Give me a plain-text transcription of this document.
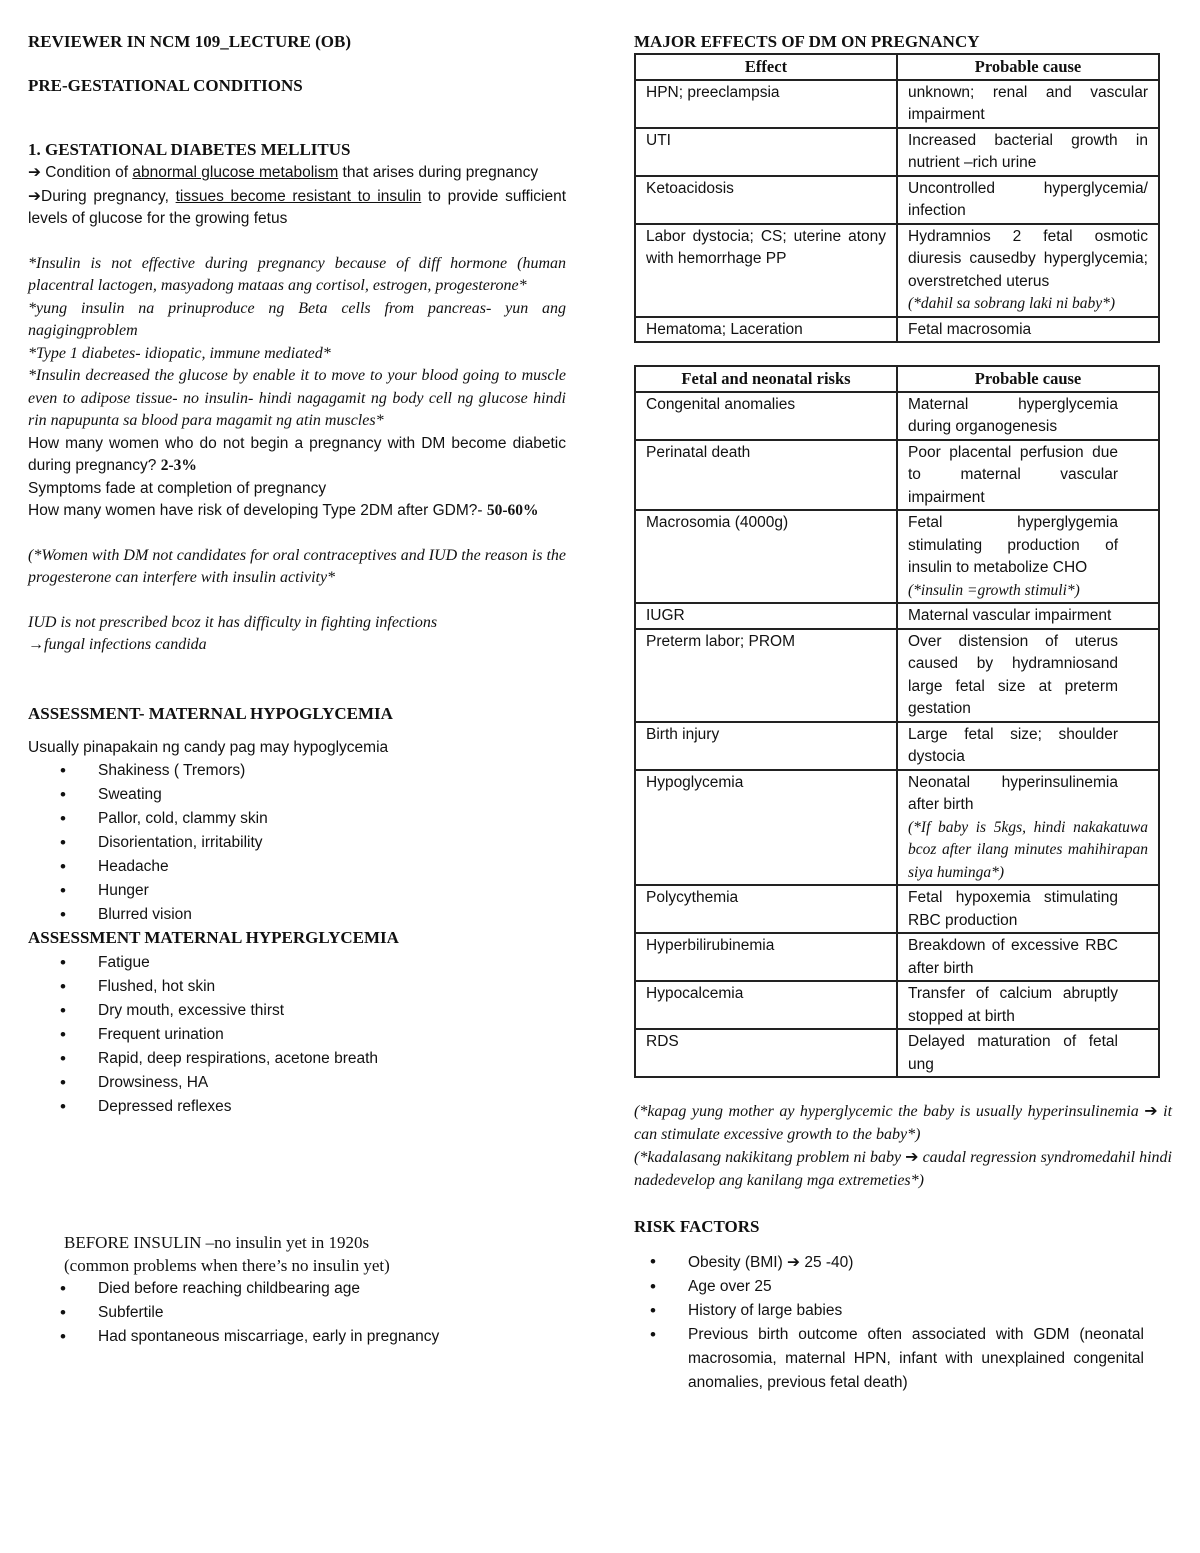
REVIEWER IN NCM 109_LECTURE (OB)

PRE-GESTATIONAL CONDITIONS

1. GESTATIONAL DIABETES MELLITUS

➔ Condition of abnormal glucose metabolism that arises during pregnancy

➔During pregnancy, tissues become resistant to insulin to provide sufficient levels of glucose for the growing fetus

*Insulin is not effective during pregnancy because of diff hormone (human placentral lactogen, masyadong mataas ang cortisol, estrogen, progesterone*

*yung insulin na prinuproduce ng Beta cells from pancreas- yun ang nagigingproblem

*Type 1 diabetes- idiopatic, immune mediated*

*Insulin decreased the glucose by enable it to move to your blood going to muscle even to adipose tissue- no insulin- hindi nagagamit ng body cell ng glucose hindi rin napupunta sa blood para magamit ng atin muscles*

How many women who do not begin a pregnancy with DM become diabetic during pregnancy? 2-3%

Symptoms fade at completion of pregnancy

How many women have risk of developing Type 2DM after GDM?- 50-60%

(*Women with DM not candidates for oral contraceptives and IUD the reason is the progesterone can interfere with insulin activity*

IUD is not prescribed bcoz it has difficulty in fighting infections

→fungal infections candida

ASSESSMENT- MATERNAL HYPOGLYCEMIA

Usually pinapakain ng candy pag may hypoglycemia

• Shakiness ( Tremors)
• Sweating
• Pallor, cold, clammy skin
• Disorientation, irritability
• Headache
• Hunger
• Blurred vision

ASSESSMENT MATERNAL HYPERGLYCEMIA

• Fatigue
• Flushed, hot skin
• Dry mouth, excessive thirst
• Frequent urination
• Rapid, deep respirations, acetone breath
• Drowsiness, HA
• Depressed reflexes

BEFORE INSULIN –no insulin yet in 1920s

(common problems when there’s no insulin yet)

• Died before reaching childbearing age
• Subfertile
• Had spontaneous miscarriage, early in pregnancy

MAJOR EFFECTS OF DM ON PREGNANCY

Effect	Probable cause
HPN; preeclampsia	unknown; renal and vascular impairment
UTI	Increased bacterial growth in nutrient –rich urine
Ketoacidosis	Uncontrolled hyperglycemia/ infection
Labor dystocia; CS; uterine atony with hemorrhage PP	Hydramnios 2 fetal osmotic diuresis causedby hyperglycemia; overstretched uterus
(*dahil sa sobrang laki ni baby*)
Hematoma; Laceration	Fetal macrosomia
Fetal and neonatal risks	Probable cause
Congenital anomalies	Maternal hyperglycemia during organogenesis
Perinatal death	Poor placental perfusion due to maternal vascular impairment
Macrosomia (4000g)	Fetal hyperglygemia stimulating production of insulin to metabolize CHO
(*insulin =growth stimuli*)
IUGR	Maternal vascular impairment
Preterm labor; PROM	Over distension of uterus caused by hydramniosand large fetal size at preterm gestation
Birth injury	Large fetal size; shoulder dystocia
Hypoglycemia	Neonatal hyperinsulinemia after birth
(*If baby is 5kgs, hindi nakakatuwa bcoz after ilang minutes mahihirapan siya huminga*)
Polycythemia	Fetal hypoxemia stimulating RBC production
Hyperbilirubinemia	Breakdown of excessive RBC after birth
Hypocalcemia	Transfer of calcium abruptly stopped at birth
RDS	Delayed maturation of fetal ung

(*kapag yung mother ay hyperglycemic the baby is usually hyperinsulinemia ➔ it can stimulate excessive growth to the baby*)

(*kadalasang nakikitang problem ni baby ➔ caudal regression syndromedahil hindi nadedevelop ang kanilang mga extremeties*)

RISK FACTORS

• Obesity (BMI) ➔ 25 -40)
• Age over 25
• History of large babies
• Previous birth outcome often associated with GDM (neonatal macrosomia, maternal HPN, infant with unexplained congenital anomalies, previous fetal death)
